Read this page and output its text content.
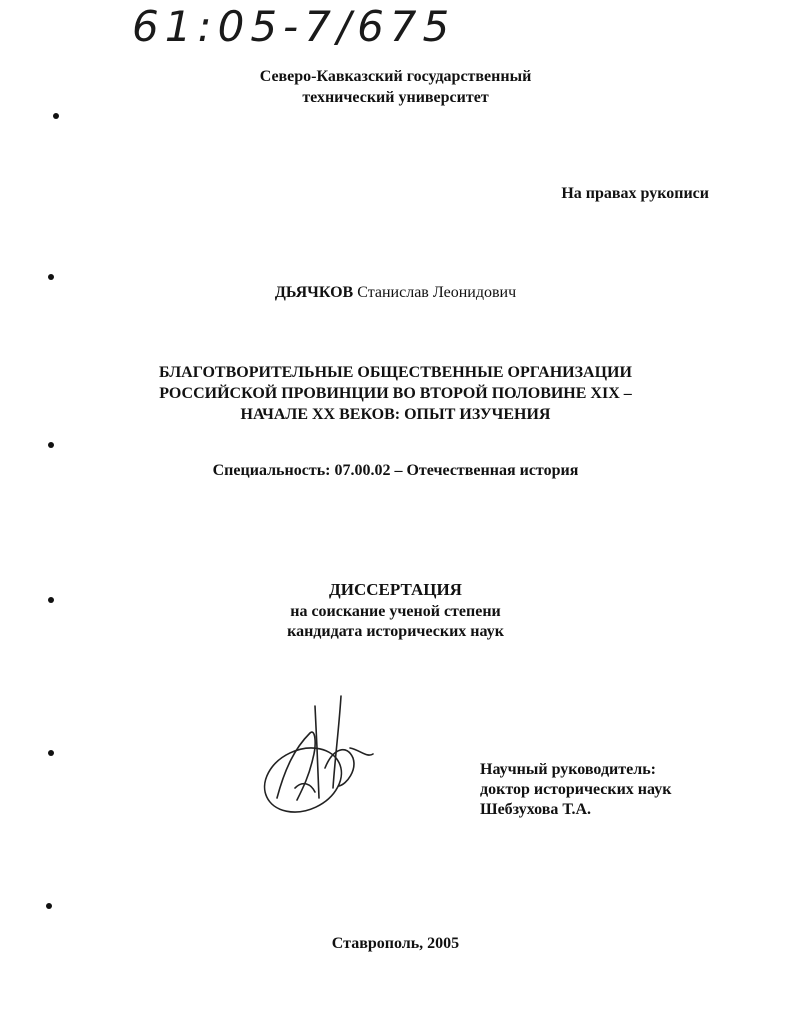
61:05-7/675
Северо-Кавказский государственный
технический университет
На правах рукописи
ДЬЯЧКОВ Станислав Леонидович
БЛАГОТВОРИТЕЛЬНЫЕ ОБЩЕСТВЕННЫЕ ОРГАНИЗАЦИИ
РОССИЙСКОЙ ПРОВИНЦИИ ВО ВТОРОЙ ПОЛОВИНЕ XIX –
НАЧАЛЕ XX ВЕКОВ: ОПЫТ ИЗУЧЕНИЯ
Специальность: 07.00.02 – Отечественная история
ДИССЕРТАЦИЯ
на соискание ученой степени
кандидата исторических наук
Научный руководитель:
доктор исторических наук
Шебзухова Т.А.
Ставрополь, 2005
